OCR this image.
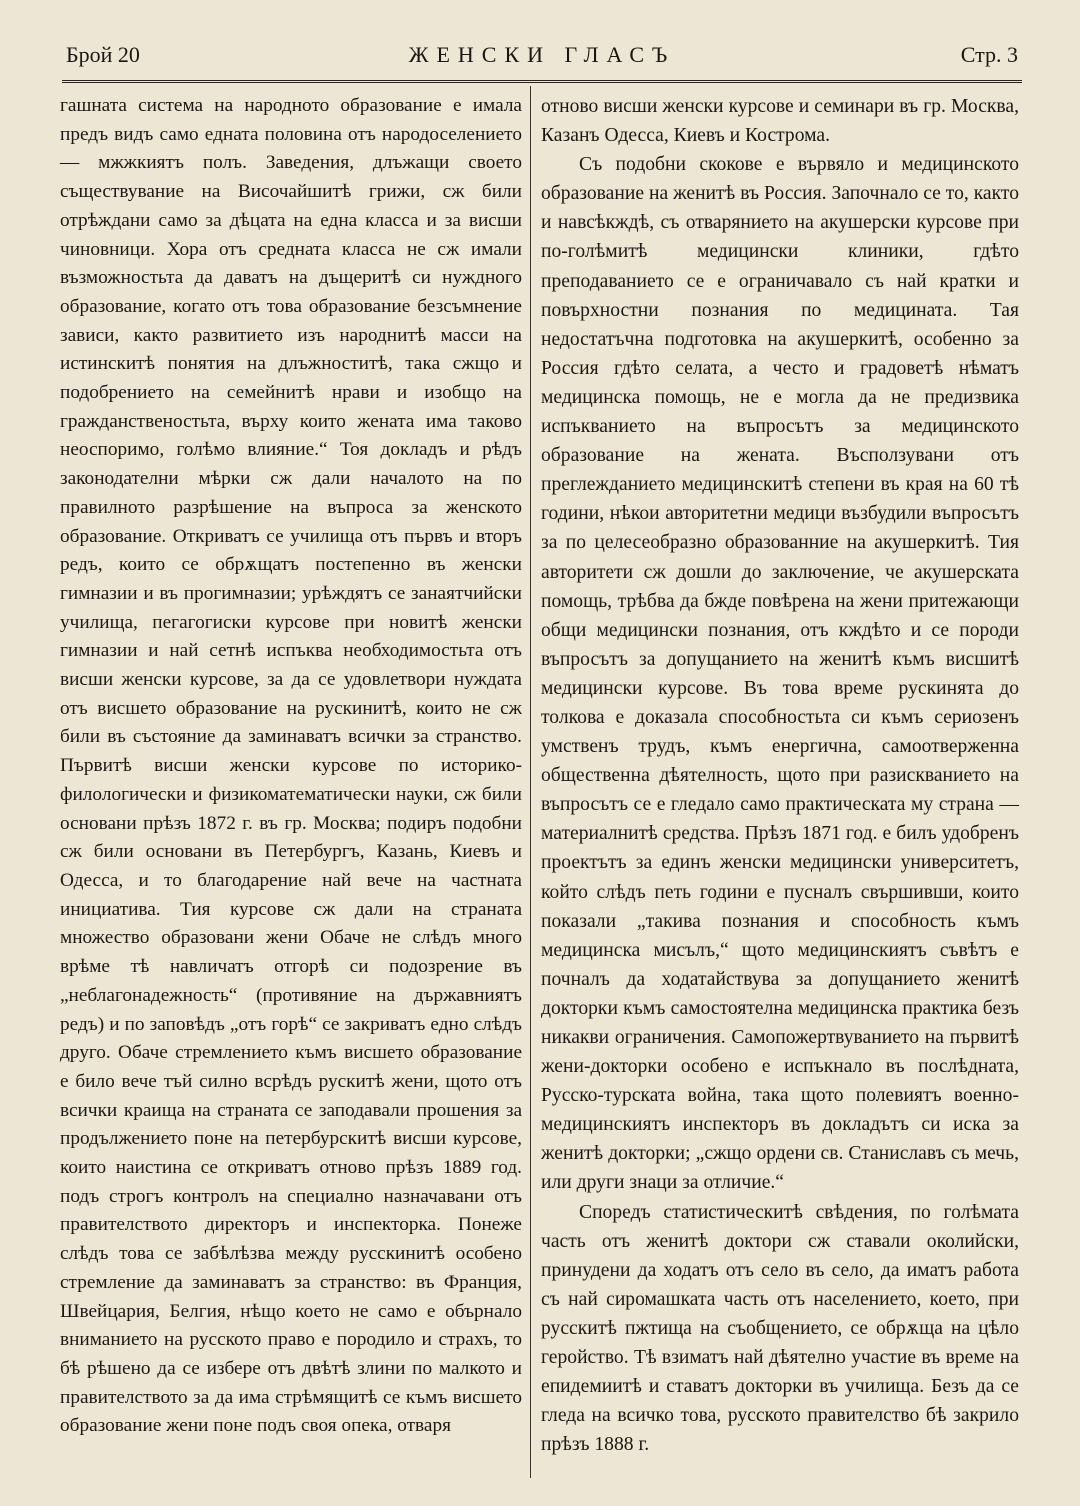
Брой 20	ЖЕНСКИ ГЛАСЪ	Стр. 3

гашната система на народното образование е имала предъ видъ само едната половина отъ народоселението — мжжкиятъ полъ. Заведения, длъжащи своето съществувание на Височайшитѣ грижи, сж били отрѣждани само за дѣцата на една класса и за висши чиновници. Хора отъ средната класса не сж имали възможностьта да даватъ на дъщеритѣ си нуждного образование, когато отъ това образование безсъмнение зависи, както развитието изъ народнитѣ масси на истинскитѣ понятия на длъжноститѣ, така сжщо и подобрението на семейнитѣ нрави и изобщо на гражданственостьта, върху които жената има таково неоспоримо, голѣмо влияние.“ Тоя докладъ и рѣдъ законодателни мѣрки сж дали началото на по правилното разрѣшение на въпроса за женското образование. Откриватъ се училища отъ първъ и вторъ редъ, които се обрѫщатъ постепенно въ женски гимназии и въ прогимназии; урѣждятъ се занаятчийски училища, пегагогиски курсове при новитѣ женски гимназии и най сетнѣ испъква необходимостьта отъ висши женски курсове, за да се удовлетвори нуждата отъ висшето образование на рускинитѣ, които не сж били въ състояние да заминаватъ всички за странство. Първитѣ висши женски курсове по историко-филологически и физикоматематически науки, сж били основани прѣзъ 1872 г. въ гр. Москва; подиръ подобни сж били основани въ Петербургъ, Казань, Киевъ и Одесса, и то благодарение най вече на частната инициатива. Тия курсове сж дали на страната множество образовани жени Обаче не слѣдъ много врѣме тѣ навличатъ отгорѣ си подозрение въ „неблагонадежность“ (противяние на държавниятъ редъ) и по заповѣдъ „отъ горѣ“ се закриватъ едно слѣдъ друго. Обаче стремлението къмъ висшето образование е било вече тъй силно всрѣдъ рускитѣ жени, щото отъ всички краища на страната се заподавали прошения за продължението поне на петербурскитѣ висши курсове, които наистина се откриватъ отново прѣзъ 1889 год. подъ строгъ контролъ на специално назначавани отъ правителството директоръ и инспекторка. Понеже слѣдъ това се забѣлѣзва между русскинитѣ особено стремление да заминаватъ за странство: въ Франция, Швейцария, Белгия, нѣщо което не само е обърнало вниманието на русското право е породило и страхъ, то бѣ рѣшено да се избере отъ двѣтѣ злини по малкото и правителството за да има стрѣмящитѣ се къмъ висшето образование жени поне подъ своя опека, отваря

отново висши женски курсове и семинари въ гр. Москва, Казанъ Одесса, Киевъ и Кострома.

Съ подобни скокове е вървяло и медицинското образование на женитѣ въ Россия. Започнало се то, както и навсѣкждѣ, съ отварянието на акушерски курсове при по-голѣмитѣ медицински клиники, гдѣто преподаванието се е ограничавало съ най кратки и повърхностни познания по медицината. Тая недостатъчна подготовка на акушеркитѣ, особенно за Россия гдѣто селата, а често и градоветѣ нѣматъ медицинска помощь, не е могла да не предизвика испъкванието на въпросътъ за медицинското образование на жената. Въсползувани отъ преглежданието медицинскитѣ степени въ края на 60 тѣ години, нѣкои авторитетни медици възбудили въпросътъ за по целесеобразно образованние на акушеркитѣ. Тия авторитети сж дошли до заключение, че акушерската помощь, трѣбва да бжде повѣрена на жени притежающи общи медицински познания, отъ кждѣто и се породи въпросътъ за допущанието на женитѣ къмъ висшитѣ медицински курсове. Въ това време рускинята до толкова е доказала способностьта си къмъ сериозенъ умственъ трудъ, къмъ енергична, самоотверженна общественна дѣятелность, щото при разискванието на въпросътъ се е гледало само практическата му страна — материалнитѣ средства. Прѣзъ 1871 год. е билъ удобренъ проектътъ за единъ женски медицински университетъ, който слѣдъ петь години е пусналъ свършивши, които показали „такива познания и способность къмъ медицинска мисълъ,“ щото медицинскиятъ съвѣтъ е почналъ да ходатайствува за допущанието женитѣ докторки къмъ самостоятелна медицинска практика безъ никакви ограничения. Самопожертвуванието на първитѣ жени-докторки особено е испъкнало въ послѣдната, Русско-турската война, така щото полевиятъ военно-медицинскиятъ инспекторъ въ докладътъ си иска за женитѣ докторки; „сжщо ордени св. Станиславъ съ мечь, или други знаци за отличие.“

Споредъ статистическитѣ свѣдения, по голѣмата часть отъ женитѣ доктори сж ставали околийски, принудени да ходатъ отъ село въ село, да иматъ работа съ най сиромашката часть отъ населението, което, при русскитѣ пжтища на съобщението, се обрѫща на цѣло геройство. Тѣ взиматъ най дѣятелно участие въ време на епидемиитѣ и ставатъ докторки въ училища. Безъ да се гледа на всичко това, русското правителство бѣ закрило прѣзъ 1888 г.
